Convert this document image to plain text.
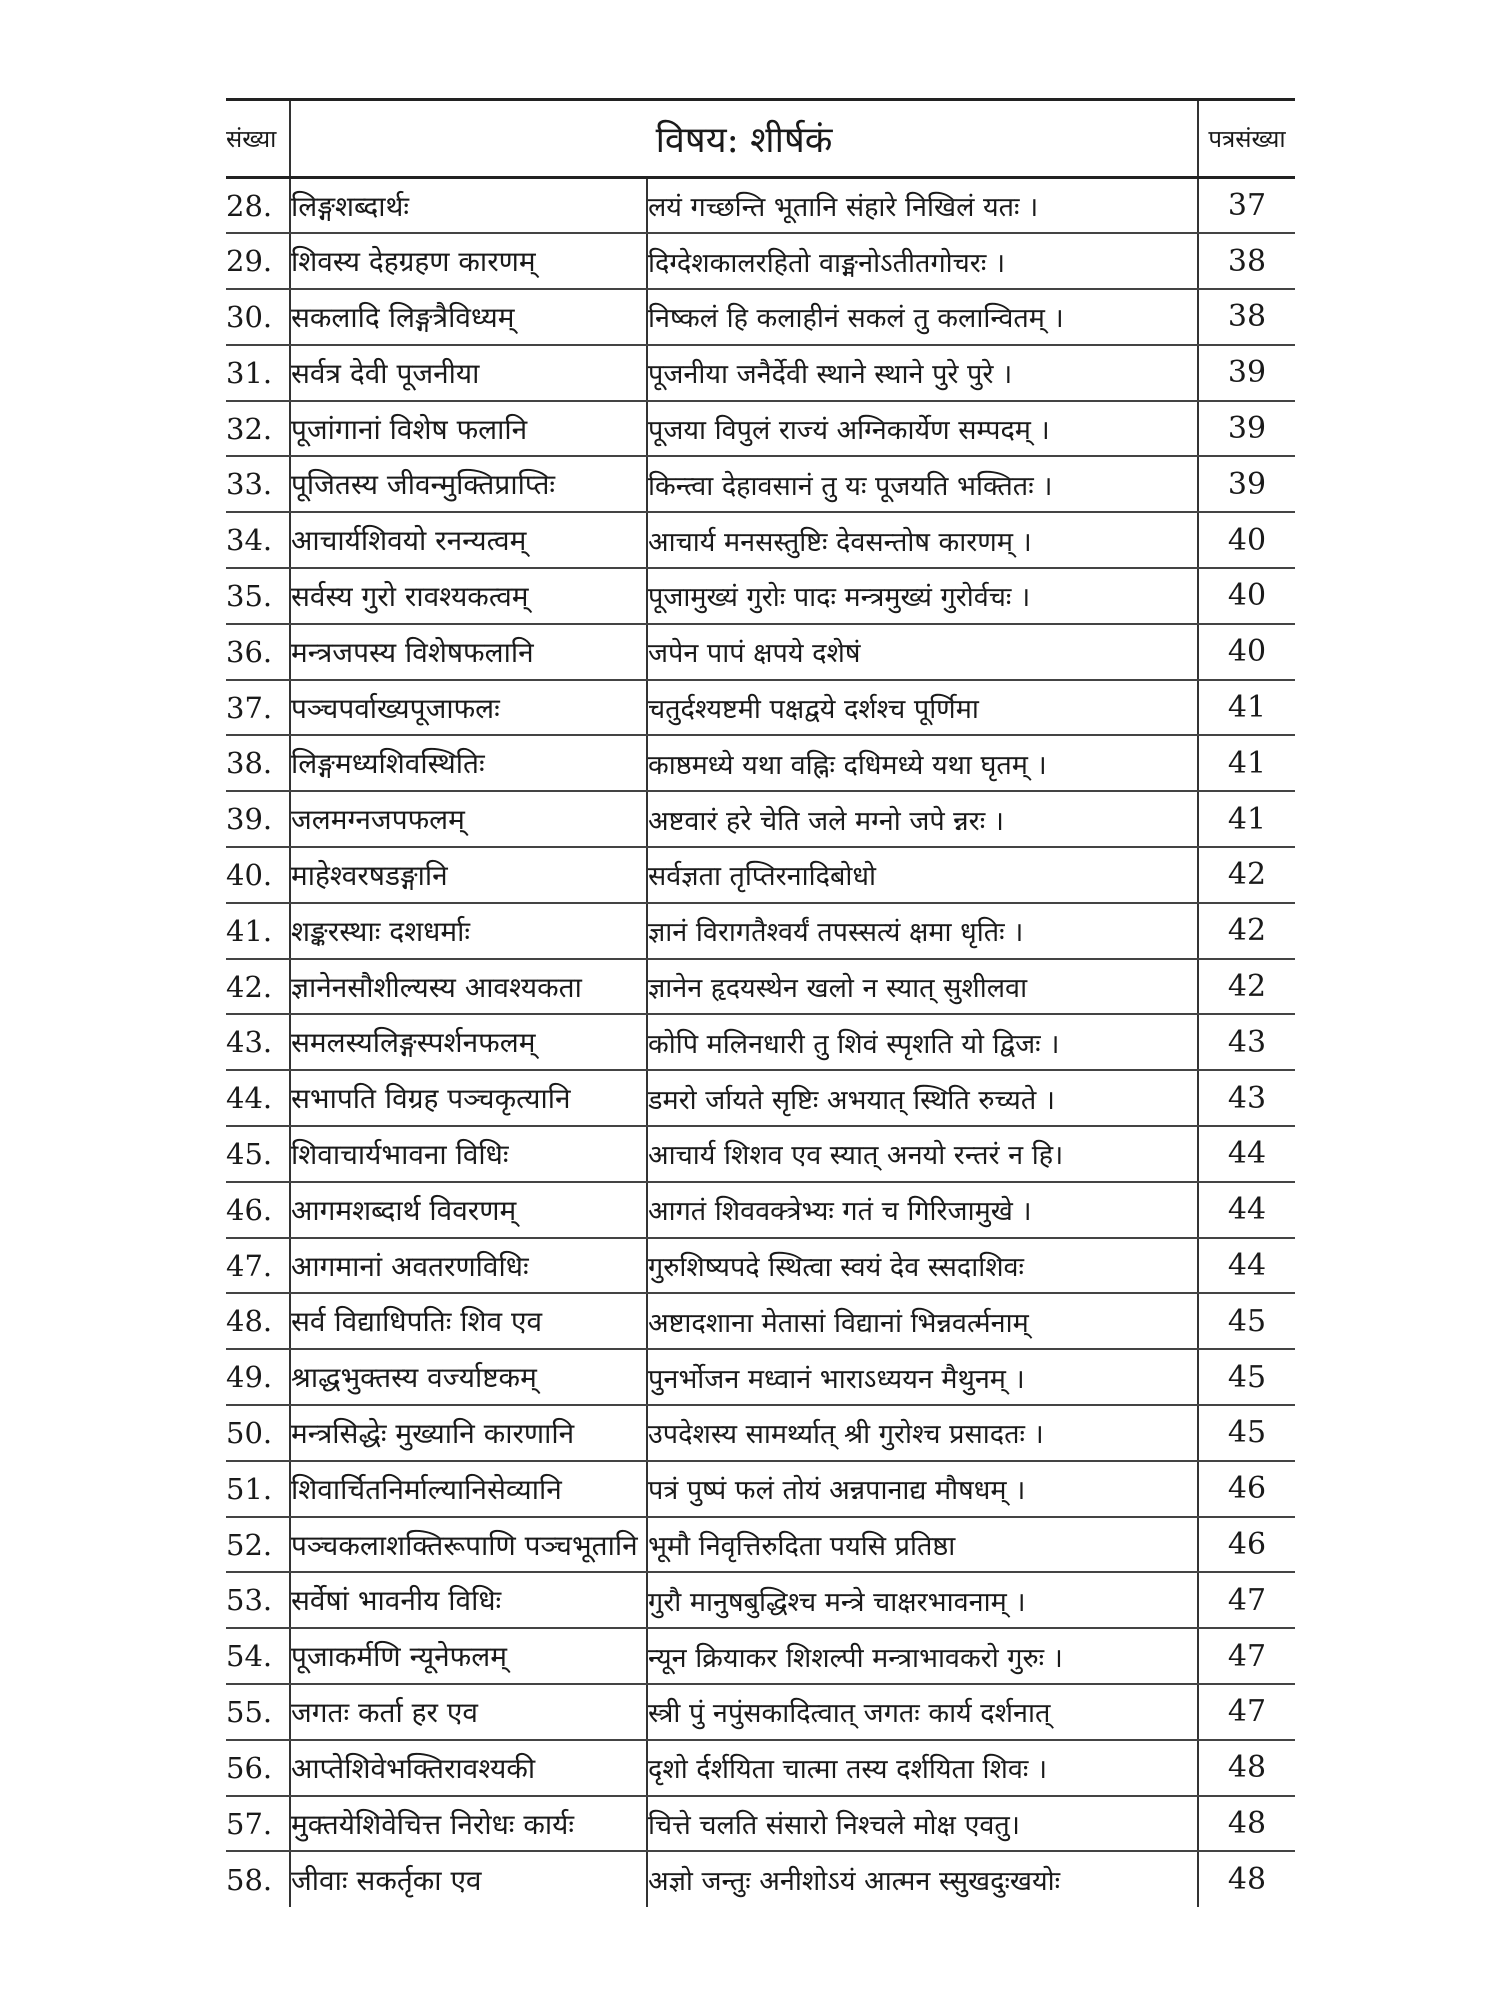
संख्या	विषय: शीर्षकं		पत्रसंख्या
28.	लिङ्गशब्दार्थः	लयं गच्छन्ति भूतानि संहारे निखिलं यतः ।	37
29.	शिवस्य देहग्रहण कारणम्	दिग्देशकालरहितो वाङ्मनोऽतीतगोचरः ।	38
30.	सकलादि लिङ्गत्रैविध्यम्	निष्कलं हि कलाहीनं सकलं तु कलान्वितम् ।	38
31.	सर्वत्र देवी पूजनीया	पूजनीया जनैर्देवी स्थाने स्थाने पुरे पुरे ।	39
32.	पूजांगानां विशेष फलानि	पूजया विपुलं राज्यं अग्निकार्येण सम्पदम् ।	39
33.	पूजितस्य जीवन्मुक्तिप्राप्तिः	किन्त्वा देहावसानं तु यः पूजयति भक्तितः ।	39
34.	आचार्यशिवयो रनन्यत्वम्	आचार्य मनसस्तुष्टिः देवसन्तोष कारणम् ।	40
35.	सर्वस्य गुरो रावश्यकत्वम्	पूजामुख्यं गुरोः पादः मन्त्रमुख्यं गुरोर्वचः ।	40
36.	मन्त्रजपस्य विशेषफलानि	जपेन पापं क्षपये दशेषं	40
37.	पञ्चपर्वाख्यपूजाफलः	चतुर्दश्यष्टमी पक्षद्वये दर्शश्च पूर्णिमा	41
38.	लिङ्गमध्यशिवस्थितिः	काष्ठमध्ये यथा वह्निः दधिमध्ये यथा घृतम् ।	41
39.	जलमग्नजपफलम्	अष्टवारं हरे चेति जले मग्नो जपे न्नरः ।	41
40.	माहेश्वरषडङ्गानि	सर्वज्ञता तृप्तिरनादिबोधो	42
41.	शङ्करस्थाः दशधर्माः	ज्ञानं विरागतैश्वर्यं तपस्सत्यं क्षमा धृतिः ।	42
42.	ज्ञानेनसौशील्यस्य आवश्यकता	ज्ञानेन हृदयस्थेन खलो न स्यात् सुशीलवा	42
43.	समलस्यलिङ्गस्पर्शनफलम्	कोपि मलिनधारी तु शिवं स्पृशति यो द्विजः ।	43
44.	सभापति विग्रह पञ्चकृत्यानि	डमरो र्जायते सृष्टिः अभयात् स्थिति रुच्यते ।	43
45.	शिवाचार्यभावना विधिः	आचार्य शिशव एव स्यात् अनयो रन्तरं न हि।	44
46.	आगमशब्दार्थ विवरणम्	आगतं शिववक्त्रेभ्यः गतं च गिरिजामुखे ।	44
47.	आगमानां अवतरणविधिः	गुरुशिष्यपदे स्थित्वा स्वयं देव स्सदाशिवः	44
48.	सर्व विद्याधिपतिः शिव एव	अष्टादशाना मेतासां विद्यानां भिन्नवर्त्मनाम्	45
49.	श्राद्धभुक्तस्य वर्ज्याष्टकम्	पुनर्भोजन मध्वानं भाराऽध्ययन मैथुनम् ।	45
50.	मन्त्रसिद्धेः मुख्यानि कारणानि	उपदेशस्य सामर्थ्यात् श्री गुरोश्च प्रसादतः ।	45
51.	शिवार्चितनिर्माल्यानिसेव्यानि	पत्रं पुष्पं फलं तोयं अन्नपानाद्य मौषधम् ।	46
52.	पञ्चकलाशक्तिरूपाणि पञ्चभूतानि	भूमौ निवृत्तिरुदिता पयसि प्रतिष्ठा	46
53.	सर्वेषां भावनीय विधिः	गुरौ मानुषबुद्धिश्च मन्त्रे चाक्षरभावनाम् ।	47
54.	पूजाकर्मणि न्यूनेफलम्	न्यून क्रियाकर शिशल्पी मन्त्राभावकरो गुरुः ।	47
55.	जगतः कर्ता हर एव	स्त्री पुं नपुंसकादित्वात् जगतः कार्य दर्शनात्	47
56.	आप्तेशिवेभक्तिरावश्यकी	दृशो र्दर्शयिता चात्मा तस्य दर्शयिता शिवः ।	48
57.	मुक्तयेशिवेचित्त निरोधः कार्यः	चित्ते चलति संसारो निश्चले मोक्ष एवतु।	48
58.	जीवाः सकर्तृका एव	अज्ञो जन्तुः अनीशोऽयं आत्मन स्सुखदुःखयोः	48
